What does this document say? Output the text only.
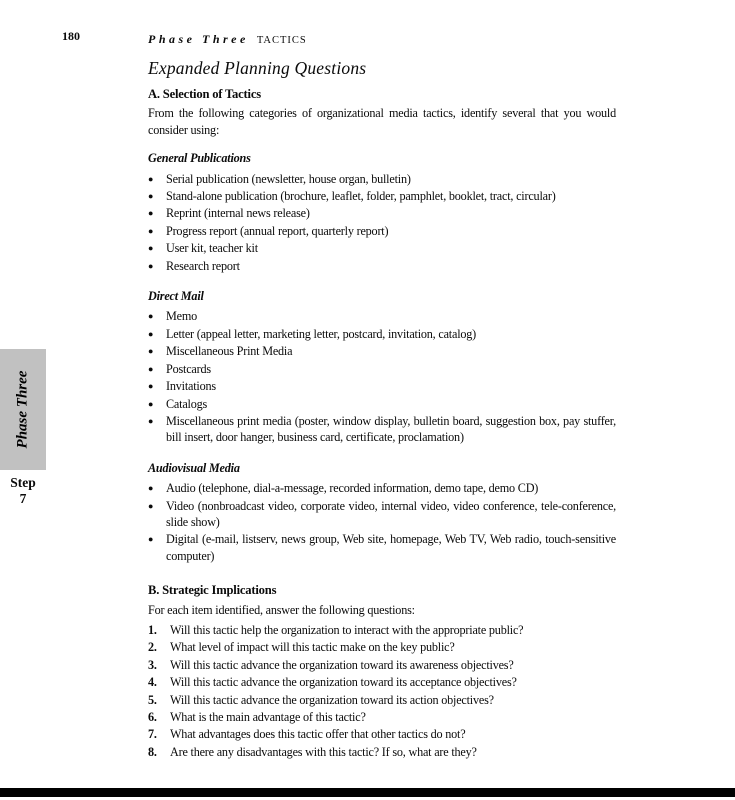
180	Phase Three TACTICS
Phase Three
Step
7
Expanded Planning Questions
A. Selection of Tactics

From the following categories of organizational media tactics, identify several that you would consider using:

General Publications
●	Serial publication (newsletter, house organ, bulletin)
●	Stand-alone publication (brochure, leaflet, folder, pamphlet, booklet, tract, circular)
●	Reprint (internal news release)
●	Progress report (annual report, quarterly report)
●	User kit, teacher kit
●	Research report
Direct Mail
●	Memo
●	Letter (appeal letter, marketing letter, postcard, invitation, catalog)
●	Miscellaneous Print Media
●	Postcards
●	Invitations
●	Catalogs
●	Miscellaneous print media (poster, window display, bulletin board, suggestion box, pay stuffer, bill insert, door hanger, business card, certificate, proclamation)
Audiovisual Media
●	Audio (telephone, dial-a-message, recorded information, demo tape, demo CD)
●	Video (nonbroadcast video, corporate video, internal video, video conference, tele-conference, slide show)
●	Digital (e-mail, listserv, news group, Web site, homepage, Web TV, Web radio, touch-sensitive computer)
B. Strategic Implications

For each item identified, answer the following questions:

1.	Will this tactic help the organization to interact with the appropriate public?
2.	What level of impact will this tactic make on the key public?
3.	Will this tactic advance the organization toward its awareness objectives?
4.	Will this tactic advance the organization toward its acceptance objectives?
5.	Will this tactic advance the organization toward its action objectives?
6.	What is the main advantage of this tactic?
7.	What advantages does this tactic offer that other tactics do not?
8.	Are there any disadvantages with this tactic? If so, what are they?
